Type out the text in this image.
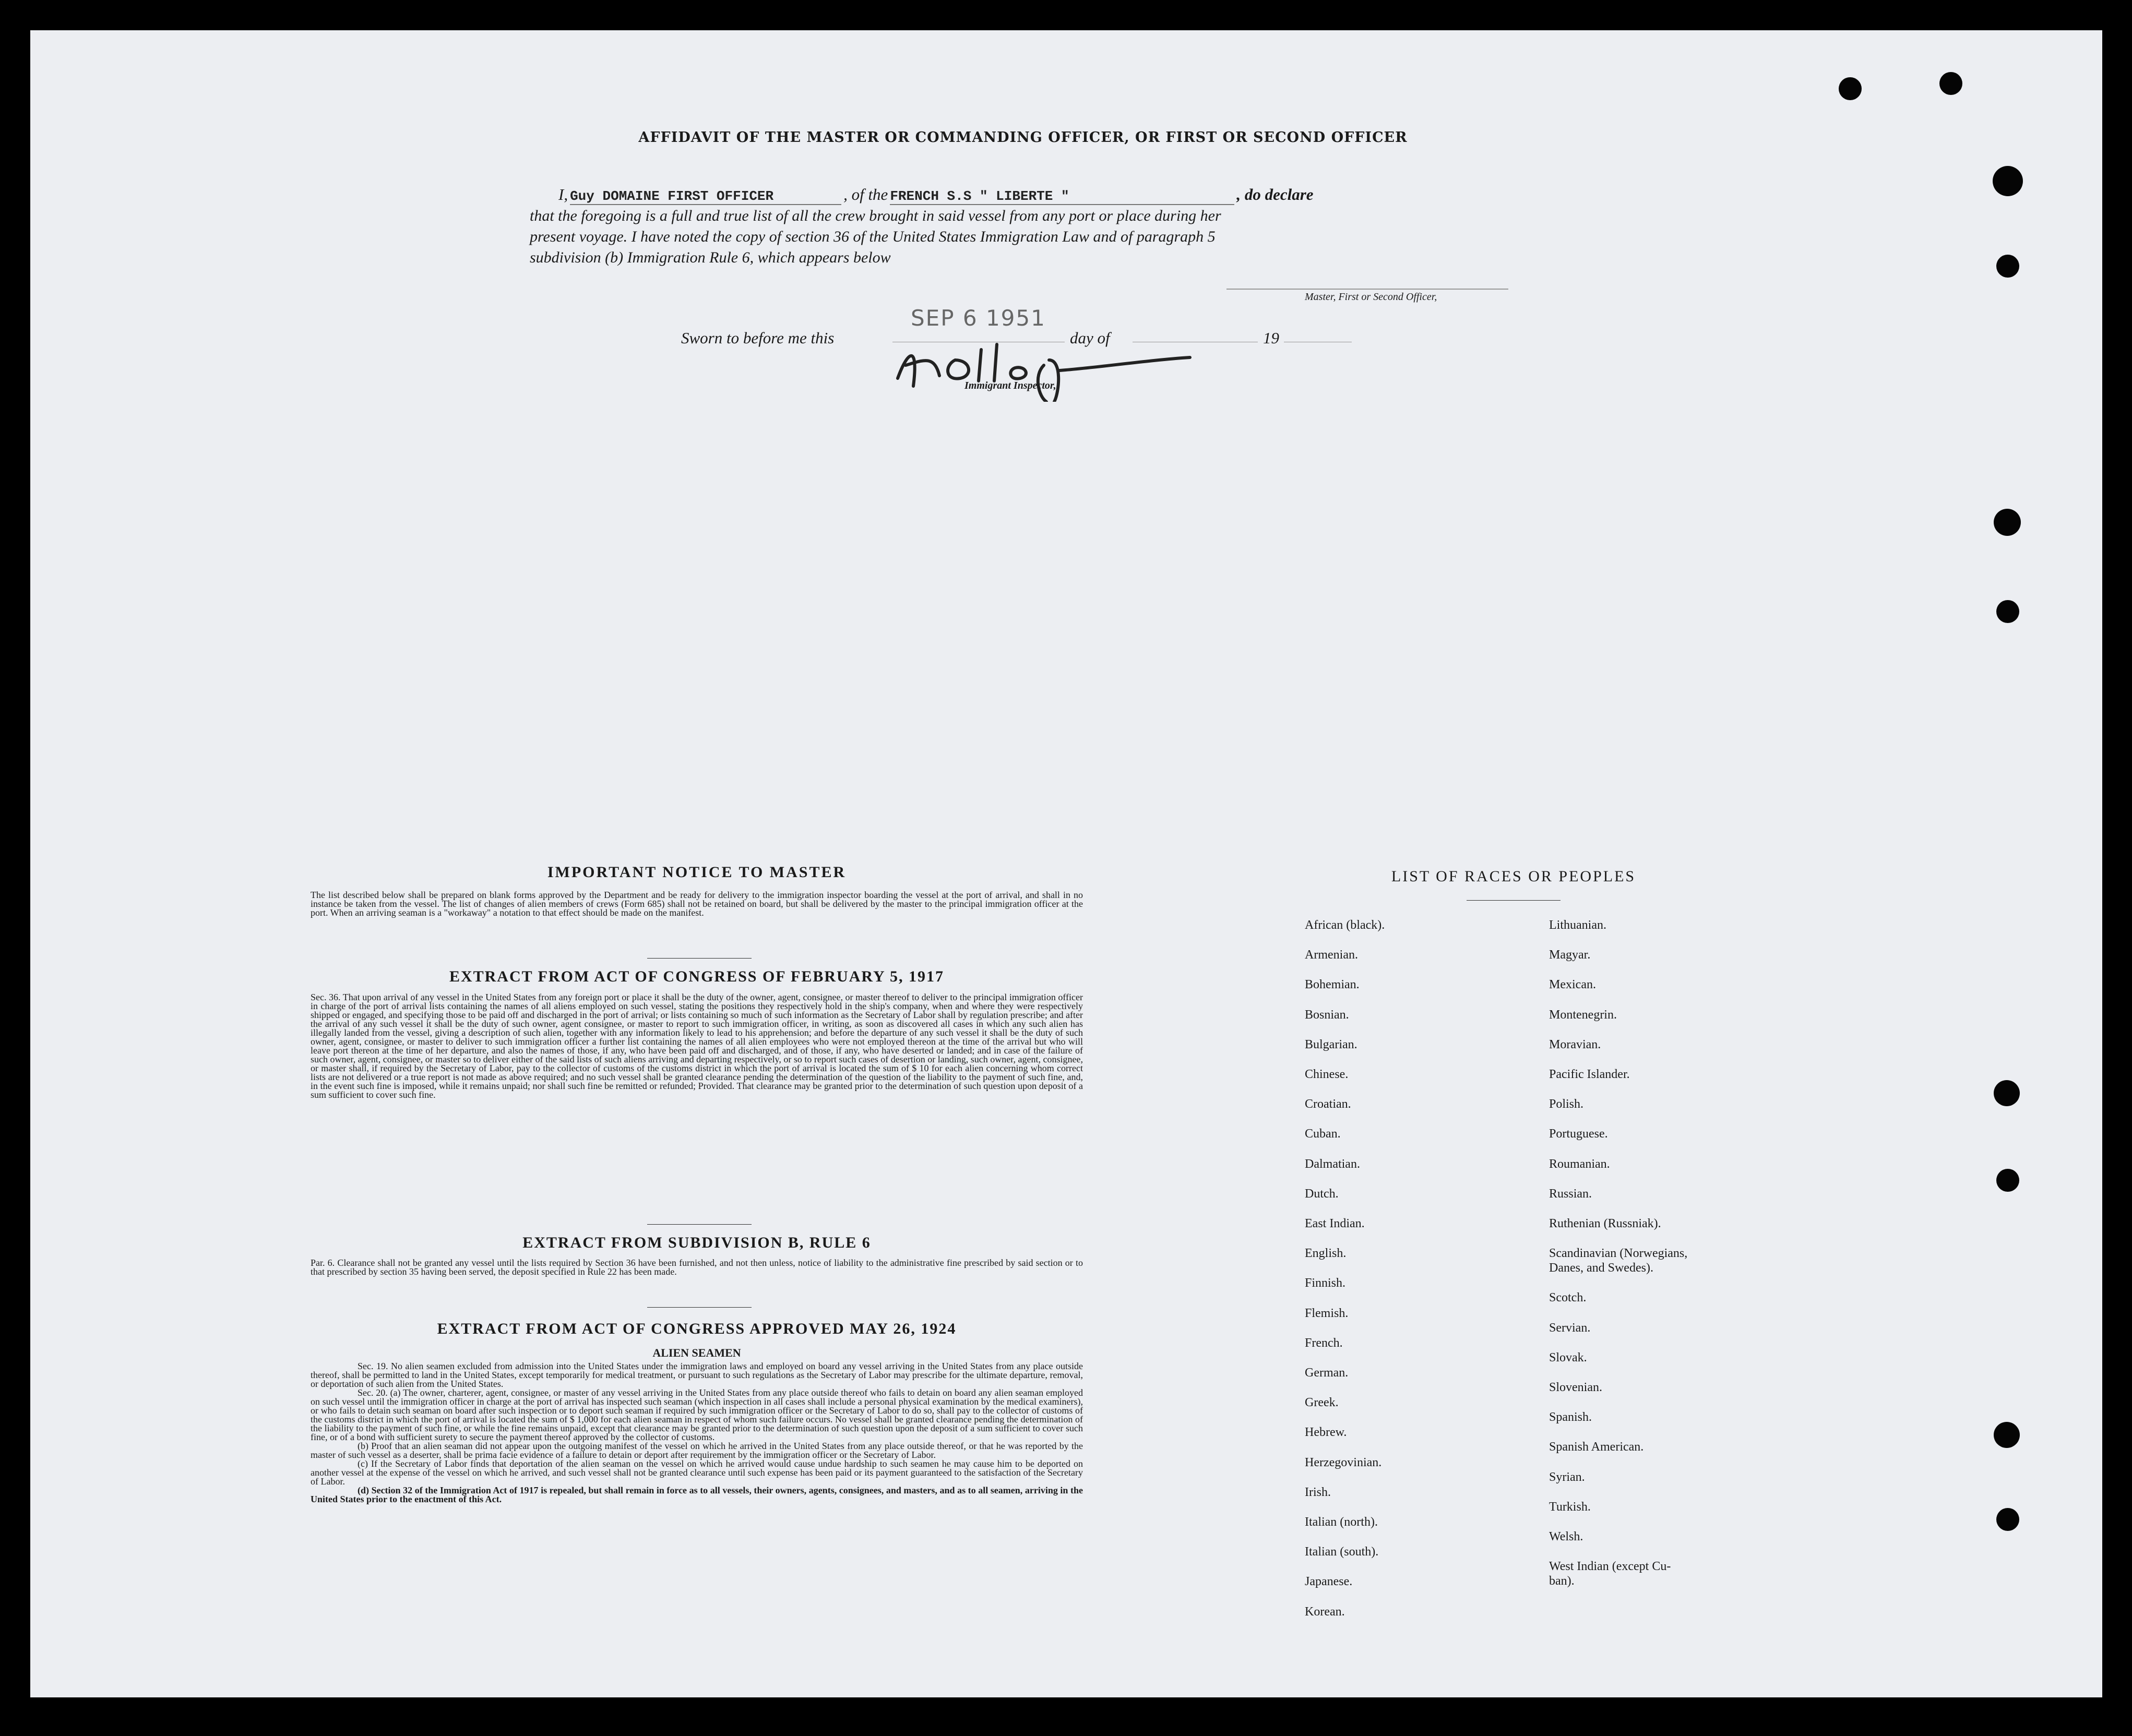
AFFIDAVIT OF THE MASTER OR COMMANDING OFFICER, OR FIRST OR SECOND OFFICER
I, Guy DOMAINE FIRST OFFICER	, of the FRENCH S.S " LIBERTE "	, do declare
that the foregoing is a full and true list of all the crew brought in said vessel from any port or place during her
present voyage. I have noted the copy of section 36 of the United States Immigration Law and of paragraph 5
subdivision (b) Immigration Rule 6, which appears below
Master, First or Second Officer,
Sworn to before me this
SEP 6 1951
day of	19
Immigrant Inspector,
IMPORTANT NOTICE TO MASTER
The list described below shall be prepared on blank forms approved by the Department and be ready for delivery to the immigration inspector boarding the vessel at the port of arrival, and shall in no instance be taken from the vessel. The list of changes of alien members of crews (Form 685) shall not be retained on board, but shall be delivered by the master to the principal immigration officer at the port. When an arriving seaman is a "workaway" a notation to that effect should be made on the manifest.
EXTRACT FROM ACT OF CONGRESS OF FEBRUARY 5, 1917
Sec. 36. That upon arrival of any vessel in the United States from any foreign port or place it shall be the duty of the owner, agent, consignee, or master thereof to deliver to the principal immigration officer in charge of the port of arrival lists containing the names of all aliens employed on such vessel, stating the positions they respectively hold in the ship's company, when and where they were respectively shipped or engaged, and specifying those to be paid off and discharged in the port of arrival; or lists containing so much of such information as the Secretary of Labor shall by regulation prescribe; and after the arrival of any such vessel it shall be the duty of such owner, agent consignee, or master to report to such immigration officer, in writing, as soon as discovered all cases in which any such alien has illegally landed from the vessel, giving a description of such alien, together with any information likely to lead to his apprehension; and before the departure of any such vessel it shall be the duty of such owner, agent, consignee, or master to deliver to such immigration officer a further list containing the names of all alien employees who were not employed thereon at the time of the arrival but who will leave port thereon at the time of her departure, and also the names of those, if any, who have been paid off and discharged, and of those, if any, who have deserted or landed; and in case of the failure of such owner, agent, consignee, or master so to deliver either of the said lists of such aliens arriving and departing respectively, or so to report such cases of desertion or landing, such owner, agent, consignee, or master shall, if required by the Secretary of Labor, pay to the collector of customs of the customs district in which the port of arrival is located the sum of $ 10 for each alien concerning whom correct lists are not delivered or a true report is not made as above required; and no such vessel shall be granted clearance pending the determination of the question of the liability to the payment of such fine, and, in the event such fine is imposed, while it remains unpaid; nor shall such fine be remitted or refunded; Provided. That clearance may be granted prior to the determination of such question upon deposit of a sum sufficient to cover such fine.
EXTRACT FROM SUBDIVISION B, RULE 6
Par. 6. Clearance shall not be granted any vessel until the lists required by Section 36 have been furnished, and not then unless, notice of liability to the administrative fine prescribed by said section or to that prescribed by section 35 having been served, the deposit specified in Rule 22 has been made.
EXTRACT FROM ACT OF CONGRESS APPROVED MAY 26, 1924
ALIEN SEAMEN
Sec. 19. No alien seamen excluded from admission into the United States under the immigration laws and employed on board any vessel arriving in the United States from any place outside thereof, shall be permitted to land in the United States, except temporarily for medical treatment, or pursuant to such regulations as the Secretary of Labor may prescribe for the ultimate departure, removal, or deportation of such alien from the United States.
Sec. 20. (a) The owner, charterer, agent, consignee, or master of any vessel arriving in the United States from any place outside thereof who fails to detain on board any alien seaman employed on such vessel until the immigration officer in charge at the port of arrival has inspected such seaman (which inspection in all cases shall include a personal physical examination by the medical examiners), or who fails to detain such seaman on board after such inspection or to deport such seaman if required by such immigration officer or the Secretary of Labor to do so, shall pay to the collector of customs of the customs district in which the port of arrival is located the sum of $ 1,000 for each alien seaman in respect of whom such failure occurs. No vessel shall be granted clearance pending the determination of the liability to the payment of such fine, or while the fine remains unpaid, except that clearance may be granted prior to the determination of such question upon the deposit of a sum sufficient to cover such fine, or of a bond with sufficient surety to secure the payment thereof approved by the collector of customs.
(b) Proof that an alien seaman did not appear upon the outgoing manifest of the vessel on which he arrived in the United States from any place outside thereof, or that he was reported by the master of such vessel as a deserter, shall be prima facie evidence of a failure to detain or deport after requirement by the immigration officer or the Secretary of Labor.
(c) If the Secretary of Labor finds that deportation of the alien seaman on the vessel on which he arrived would cause undue hardship to such seamen he may cause him to be deported on another vessel at the expense of the vessel on which he arrived, and such vessel shall not be granted clearance until such expense has been paid or its payment guaranteed to the satisfaction of the Secretary of Labor.
(d) Section 32 of the Immigration Act of 1917 is repealed, but shall remain in force as to all vessels, their owners, agents, consignees, and masters, and as to all seamen, arriving in the United States prior to the enactment of this Act.
LIST OF RACES OR PEOPLES
African (black).
Armenian.
Bohemian.
Bosnian.
Bulgarian.
Chinese.
Croatian.
Cuban.
Dalmatian.
Dutch.
East Indian.
English.
Finnish.
Flemish.
French.
German.
Greek.
Hebrew.
Herzegovinian.
Irish.
Italian (north).
Italian (south).
Japanese.
Korean.
Lithuanian.
Magyar.
Mexican.
Montenegrin.
Moravian.
Pacific Islander.
Polish.
Portuguese.
Roumanian.
Russian.
Ruthenian (Russniak).
Scandinavian (Norwegians,
Danes, and Swedes).
Scotch.
Servian.
Slovak.
Slovenian.
Spanish.
Spanish American.
Syrian.
Turkish.
Welsh.
West Indian (except Cu-
ban).
